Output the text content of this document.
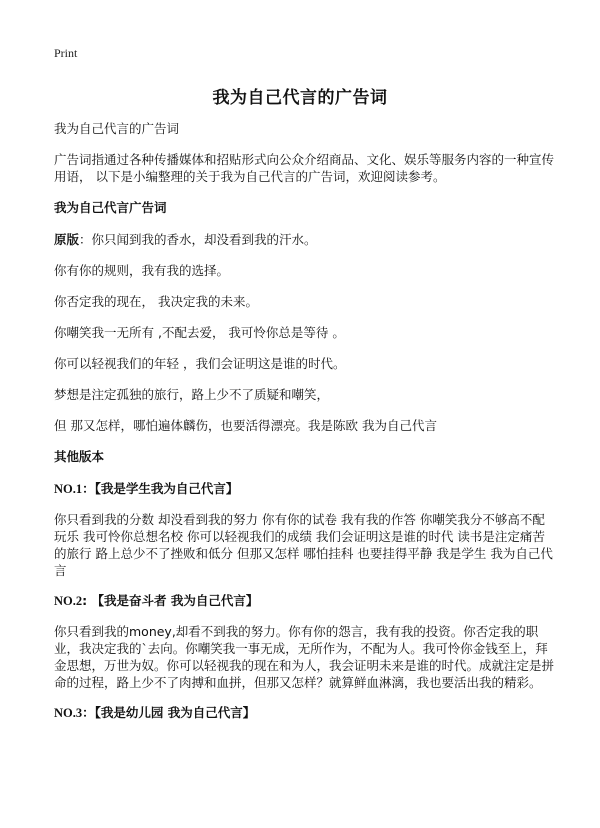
Print
我为自己代言的广告词
我为自己代言的广告词
广告词指通过各种传播媒体和招贴形式向公众介绍商品、文化、娱乐等服务内容的一种宣传用语， 以下是小编整理的关于我为自己代言的广告词，欢迎阅读参考。
我为自己代言广告词
原版：你只闻到我的香水，却没看到我的汗水。
你有你的规则，我有我的选择。
你否定我的现在， 我决定我的未来。
你嘲笑我一无所有 ,不配去爱， 我可怜你总是等待 。
你可以轻视我们的年轻 ，我们会证明这是谁的时代。
梦想是注定孤独的旅行，路上少不了质疑和嘲笑，
但 那又怎样，哪怕遍体麟伤，也要活得漂亮。我是陈欧 我为自己代言
其他版本
NO.1：【我是学生我为自己代言】
你只看到我的分数 却没看到我的努力 你有你的试卷 我有我的作答 你嘲笑我分不够高不配玩乐 我可怜你总想名校 你可以轻视我们的成绩 我们会证明这是谁的时代 读书是注定痛苦的旅行 路上总少不了挫败和低分 但那又怎样 哪怕挂科 也要挂得平静 我是学生 我为自己代言
NO.2: 【我是奋斗者 我为自己代言】
你只看到我的money,却看不到我的努力。你有你的怨言，我有我的投资。你否定我的职业，我决定我的`去向。你嘲笑我一事无成，无所作为，不配为人。我可怜你金钱至上，拜金思想，万世为奴。你可以轻视我的现在和为人，我会证明未来是谁的时代。成就注定是拼命的过程，路上少不了肉搏和血拼，但那又怎样？就算鲜血淋漓，我也要活出我的精彩。
NO.3：【我是幼儿园 我为自己代言】
